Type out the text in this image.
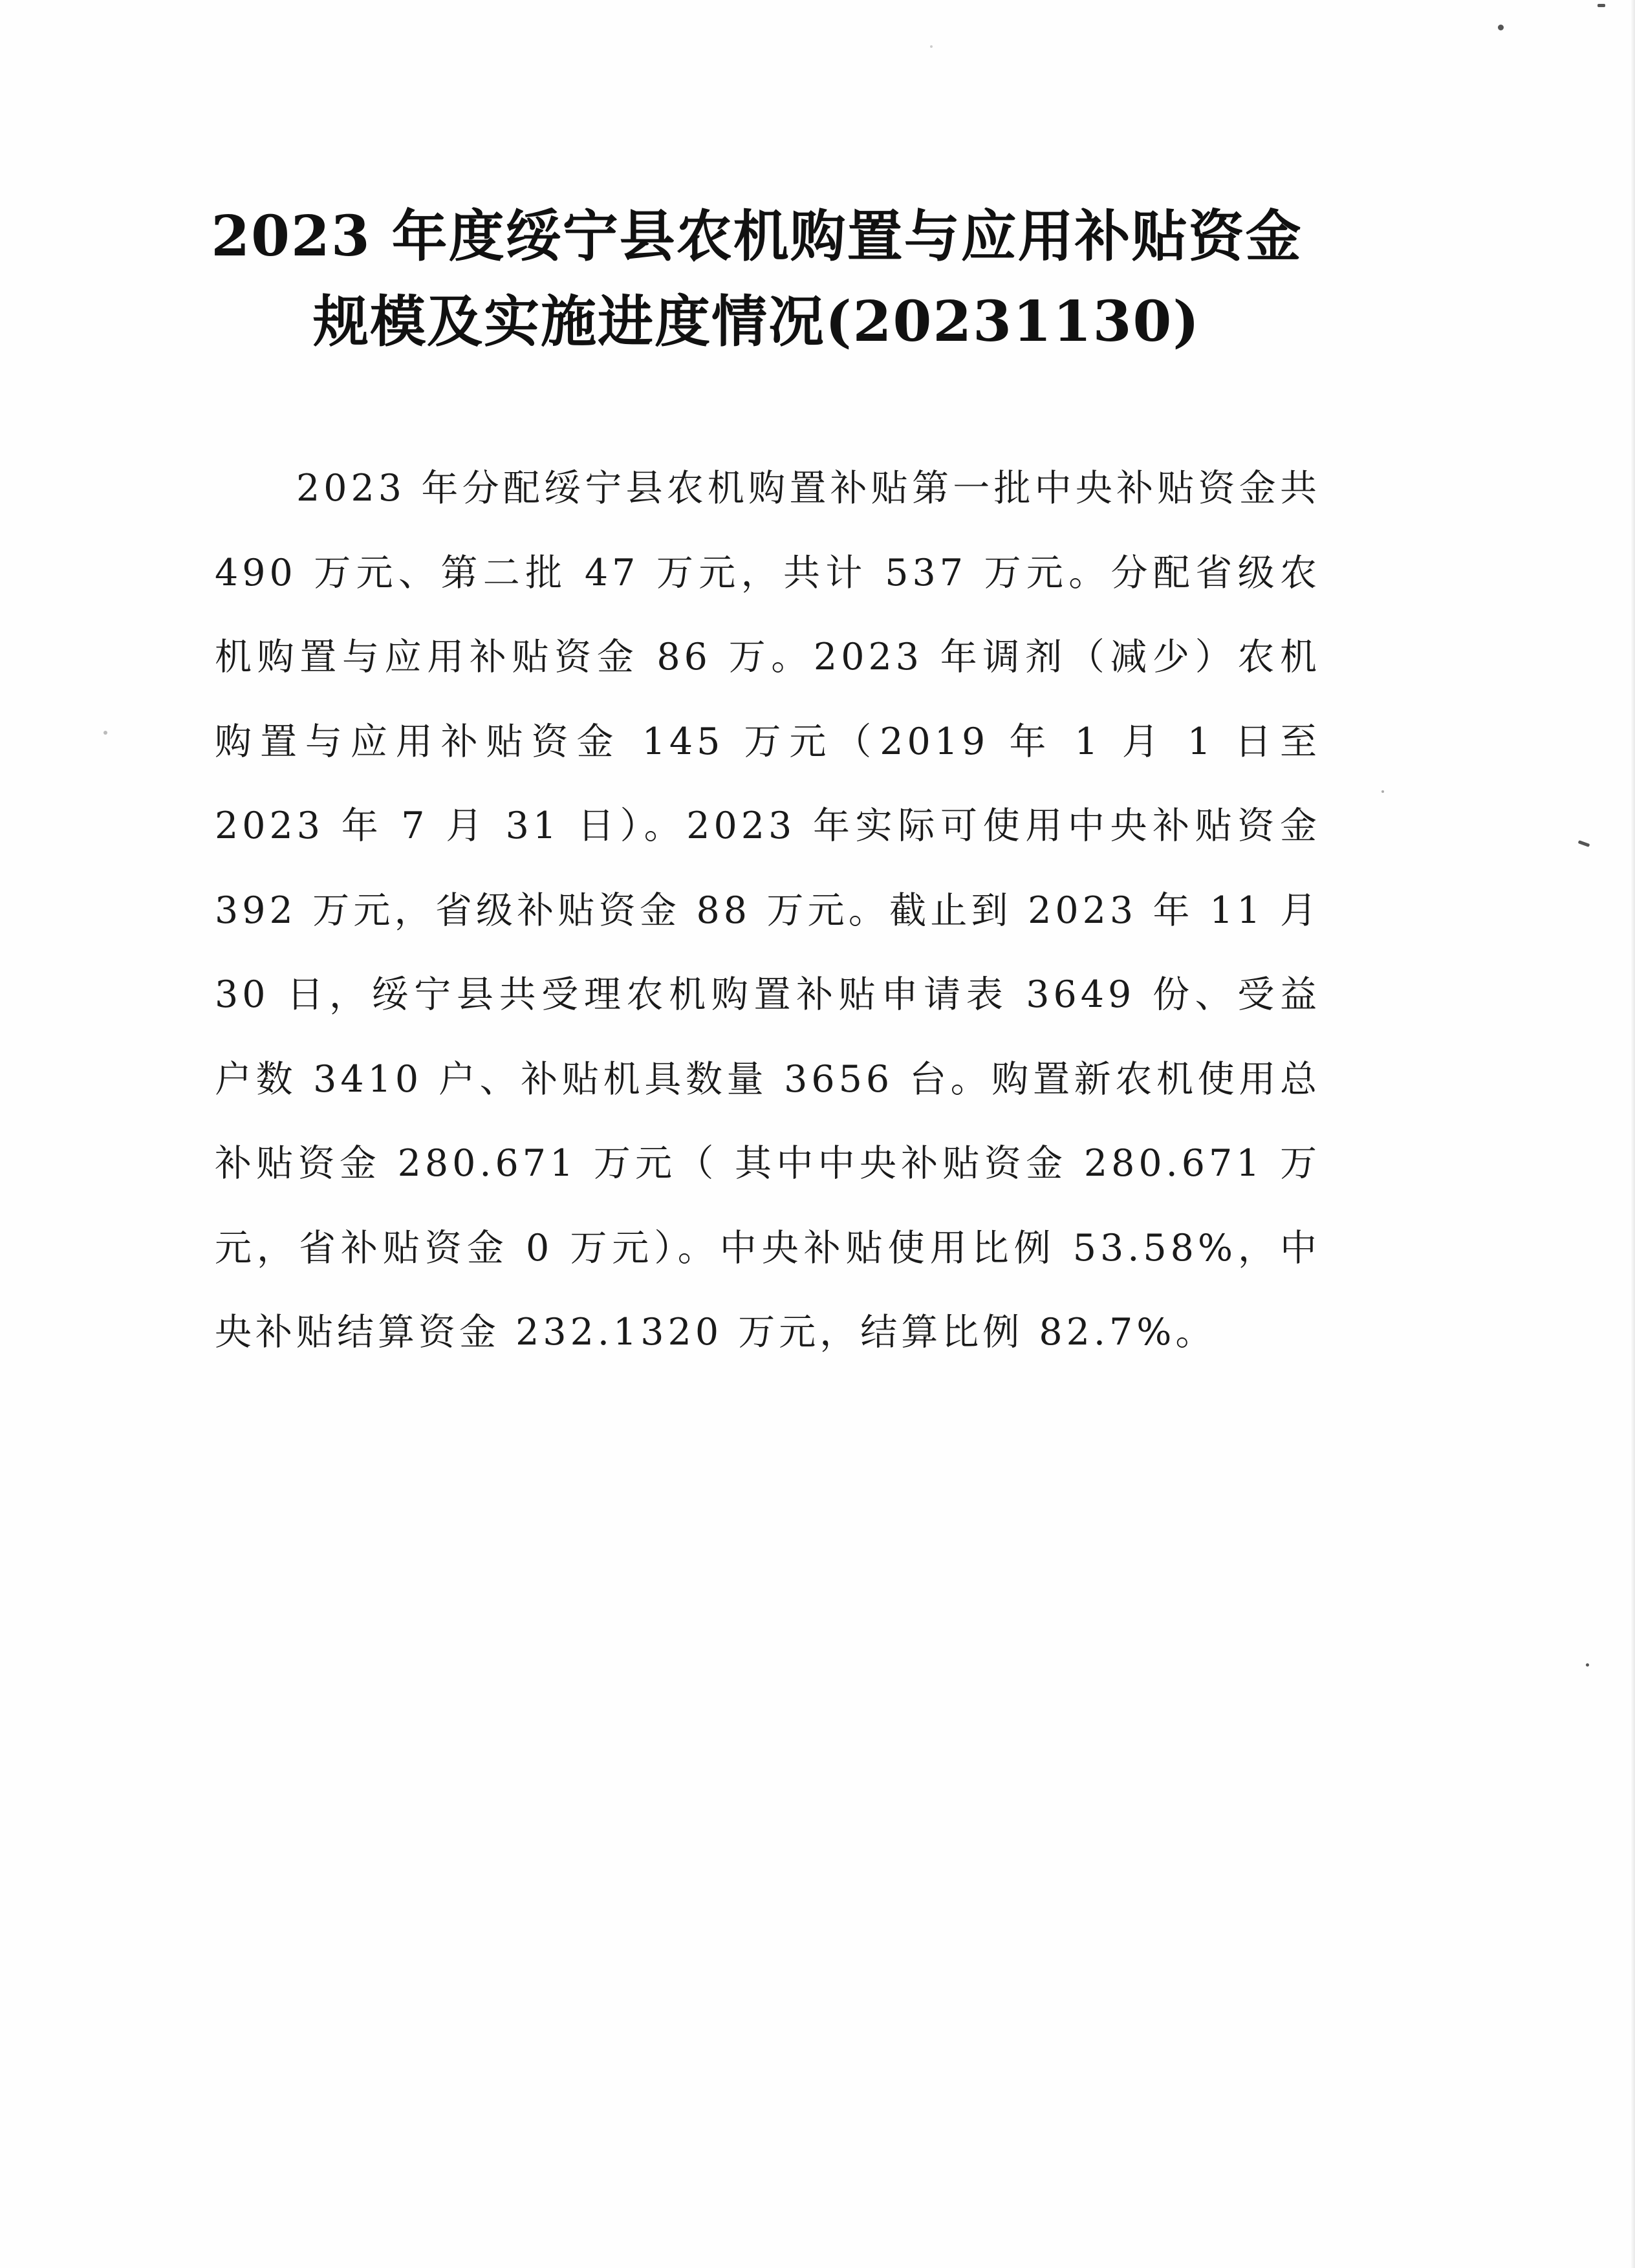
2023 年度绥宁县农机购置与应用补贴资金
规模及实施进度情况(20231130)

2023 年分配绥宁县农机购置补贴第一批中央补贴资金共 490 万元、第二批 47 万元，共计 537 万元。分配省级农机购置与应用补贴资金 86 万。2023 年调剂（减少）农机购置与应用补贴资金 145 万元（2019 年 1 月 1 日至 2023 年 7 月 31 日）。2023 年实际可使用中央补贴资金 392 万元，省级补贴资金 88 万元。截止到 2023 年 11 月 30 日，绥宁县共受理农机购置补贴申请表 3649 份、受益户数 3410 户、补贴机具数量 3656 台。购置新农机使用总补贴资金 280.671 万元（ 其中中央补贴资金 280.671 万元，省补贴资金 0 万元）。中央补贴使用比例 53.58%，中央补贴结算资金 232.1320 万元，结算比例 82.7%。
